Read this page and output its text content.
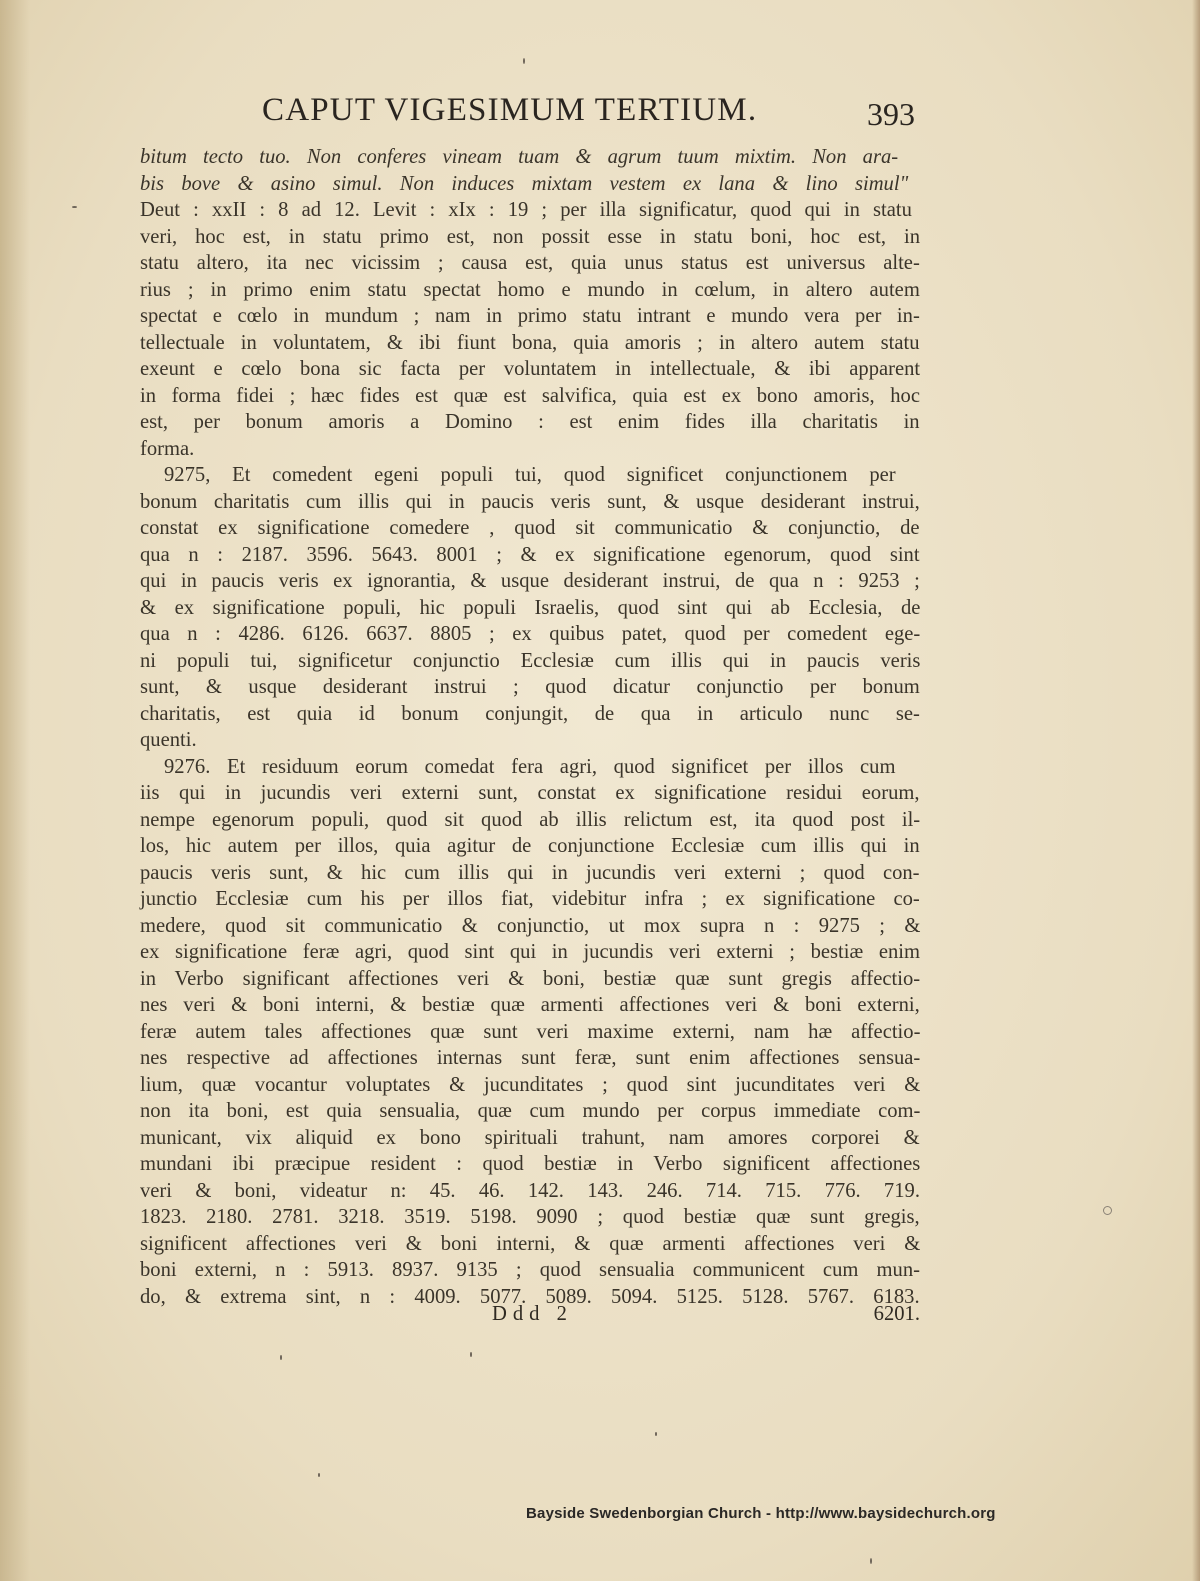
CAPUT VIGESIMUM TERTIUM.	393
bitum tecto tuo. Non conferes vineam tuam & agrum tuum mixtim. Non ara-
bis bove & asino simul. Non induces mixtam vestem ex lana & lino simul"
Deut : xxII : 8 ad 12. Levit : xIx : 19 ; per illa significatur, quod qui in statu
veri, hoc est, in statu primo est, non possit esse in statu boni, hoc est, in
statu altero, ita nec vicissim ; causa est, quia unus status est universus alte-
rius ; in primo enim statu spectat homo e mundo in cœlum, in altero autem
spectat e cœlo in mundum ; nam in primo statu intrant e mundo vera per in-
tellectuale in voluntatem, & ibi fiunt bona, quia amoris ; in altero autem statu
exeunt e cœlo bona sic facta per voluntatem in intellectuale, & ibi apparent
in forma fidei ; hæc fides est quæ est salvifica, quia est ex bono amoris, hoc
est, per bonum amoris a Domino : est enim fides illa charitatis in
forma.
9275, Et comedent egeni populi tui, quod significet conjunctionem per
bonum charitatis cum illis qui in paucis veris sunt, & usque desiderant instrui,
constat ex significatione comedere , quod sit communicatio & conjunctio, de
qua n : 2187. 3596. 5643. 8001 ; & ex significatione egenorum, quod sint
qui in paucis veris ex ignorantia, & usque desiderant instrui, de qua n : 9253 ;
& ex significatione populi, hic populi Israelis, quod sint qui ab Ecclesia, de
qua n : 4286. 6126. 6637. 8805 ; ex quibus patet, quod per comedent ege-
ni populi tui, significetur conjunctio Ecclesiæ cum illis qui in paucis veris
sunt, & usque desiderant instrui ; quod dicatur conjunctio per bonum
charitatis, est quia id bonum conjungit, de qua in articulo nunc se-
quenti.
9276. Et residuum eorum comedat fera agri, quod significet per illos cum
iis qui in jucundis veri externi sunt, constat ex significatione residui eorum,
nempe egenorum populi, quod sit quod ab illis relictum est, ita quod post il-
los, hic autem per illos, quia agitur de conjunctione Ecclesiæ cum illis qui in
paucis veris sunt, & hic cum illis qui in jucundis veri externi ; quod con-
junctio Ecclesiæ cum his per illos fiat, videbitur infra ; ex significatione co-
medere, quod sit communicatio & conjunctio, ut mox supra n : 9275 ; &
ex significatione feræ agri, quod sint qui in jucundis veri externi ; bestiæ enim
in Verbo significant affectiones veri & boni, bestiæ quæ sunt gregis affectio-
nes veri & boni interni, & bestiæ quæ armenti affectiones veri & boni externi,
feræ autem tales affectiones quæ sunt veri maxime externi, nam hæ affectio-
nes respective ad affectiones internas sunt feræ, sunt enim affectiones sensua-
lium, quæ vocantur voluptates & jucunditates ; quod sint jucunditates veri &
non ita boni, est quia sensualia, quæ cum mundo per corpus immediate com-
municant, vix aliquid ex bono spirituali trahunt, nam amores corporei &
mundani ibi præcipue resident : quod bestiæ in Verbo significent affectiones
veri & boni, videatur n: 45. 46. 142. 143. 246. 714. 715. 776. 719.
1823. 2180. 2781. 3218. 3519. 5198. 9090 ; quod bestiæ quæ sunt gregis,
significent affectiones veri & boni interni, & quæ armenti affectiones veri &
boni externi, n : 5913. 8937. 9135 ; quod sensualia communicent cum mun-
do, & extrema sint, n : 4009. 5077. 5089. 5094. 5125. 5128. 5767. 6183.
Ddd 2	6201.
Bayside Swedenborgian Church - http://www.baysidechurch.org
